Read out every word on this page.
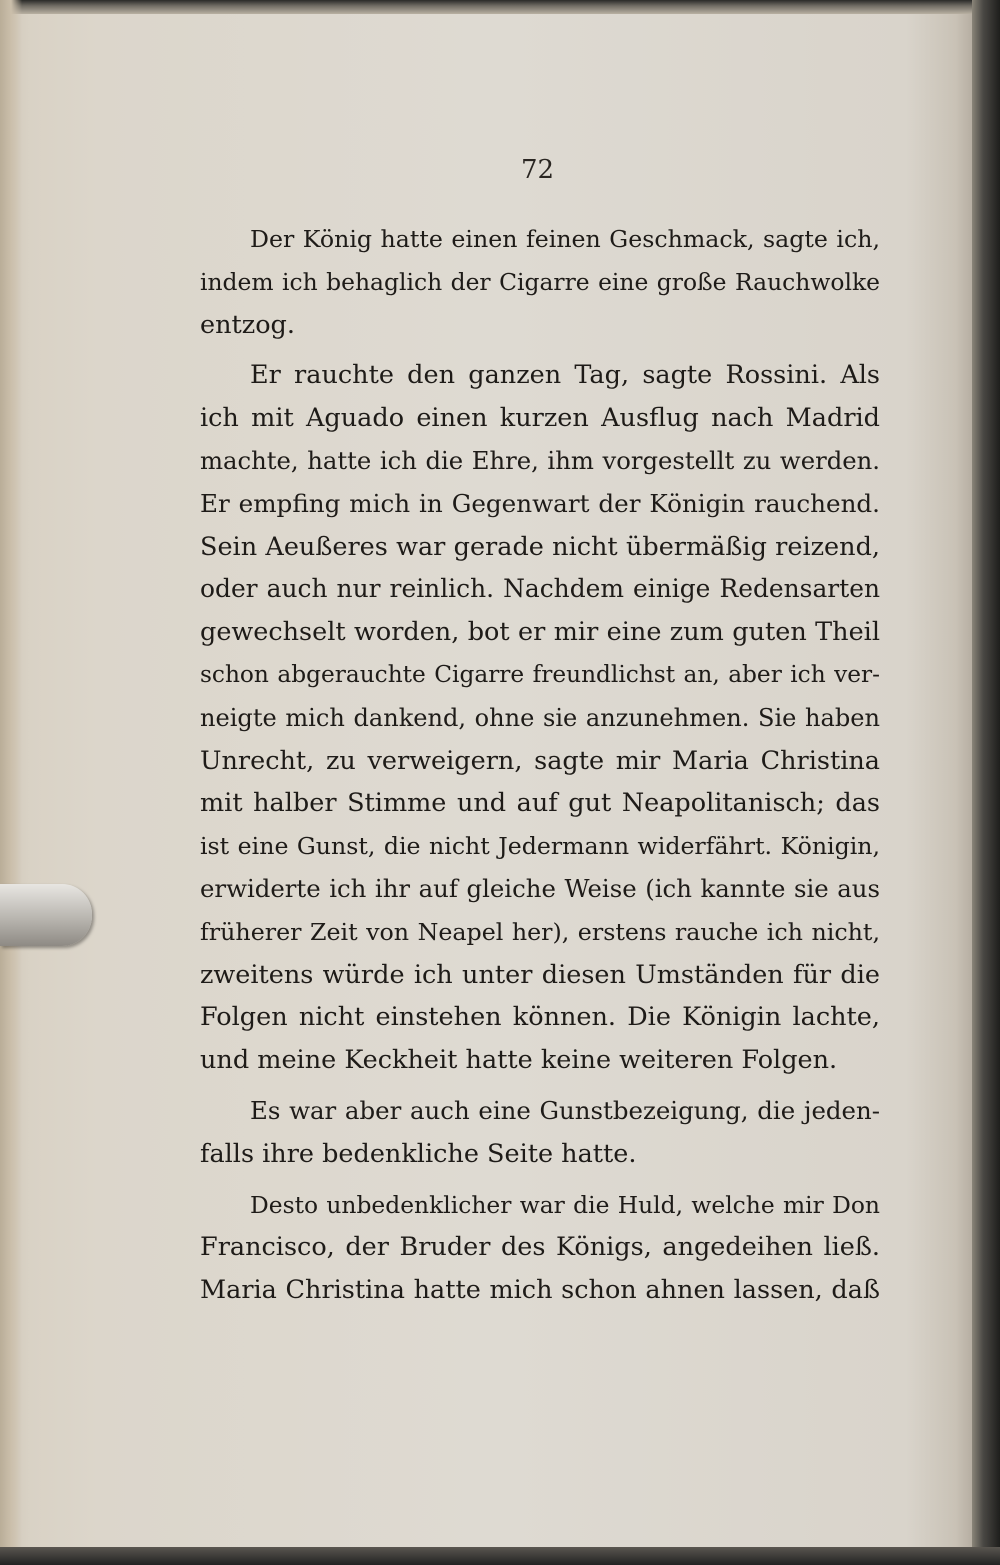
72
Der König hatte einen feinen Geschmack, sagte ich,
indem ich behaglich der Cigarre eine große Rauchwolke
entzog.
Er rauchte den ganzen Tag, sagte Rossini. Als
ich mit Aguado einen kurzen Ausflug nach Madrid
machte, hatte ich die Ehre, ihm vorgestellt zu werden.
Er empfing mich in Gegenwart der Königin rauchend.
Sein Aeußeres war gerade nicht übermäßig reizend,
oder auch nur reinlich. Nachdem einige Redensarten
gewechselt worden, bot er mir eine zum guten Theil
schon abgerauchte Cigarre freundlichst an, aber ich ver-
neigte mich dankend, ohne sie anzunehmen. Sie haben
Unrecht, zu verweigern, sagte mir Maria Christina
mit halber Stimme und auf gut Neapolitanisch; das
ist eine Gunst, die nicht Jedermann widerfährt. Königin,
erwiderte ich ihr auf gleiche Weise (ich kannte sie aus
früherer Zeit von Neapel her), erstens rauche ich nicht,
zweitens würde ich unter diesen Umständen für die
Folgen nicht einstehen können. Die Königin lachte,
und meine Keckheit hatte keine weiteren Folgen.
Es war aber auch eine Gunstbezeigung, die jeden-
falls ihre bedenkliche Seite hatte.
Desto unbedenklicher war die Huld, welche mir Don
Francisco, der Bruder des Königs, angedeihen ließ.
Maria Christina hatte mich schon ahnen lassen, daß
